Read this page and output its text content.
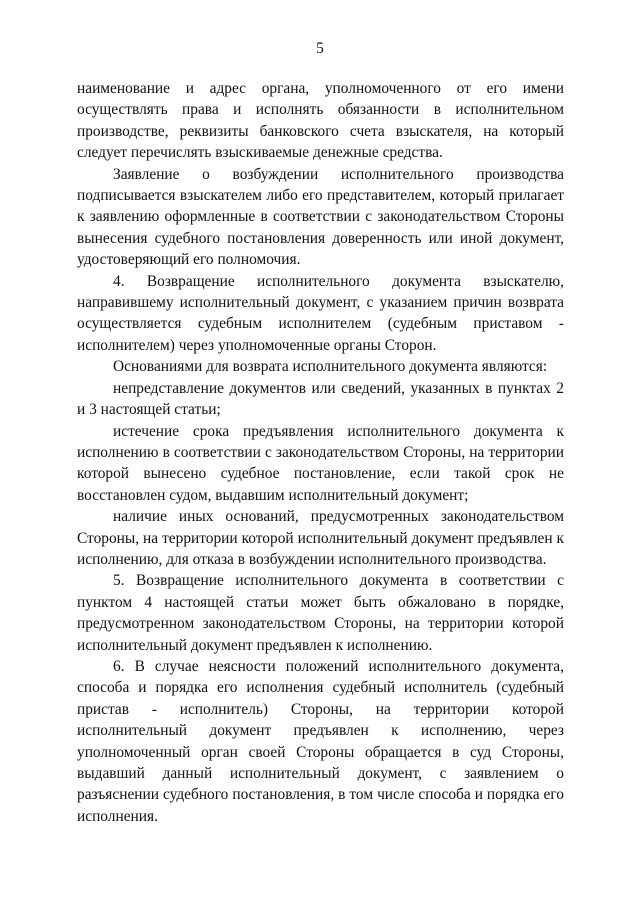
5

наименование и адрес органа, уполномоченного от его имени осуществлять права и исполнять обязанности в исполнительном производстве, реквизиты банковского счета взыскателя, на который следует перечислять взыскиваемые денежные средства.

Заявление о возбуждении исполнительного производства подписывается взыскателем либо его представителем, который прилагает к заявлению оформленные в соответствии с законодательством Стороны вынесения судебного постановления доверенность или иной документ, удостоверяющий его полномочия.

4. Возвращение исполнительного документа взыскателю, направившему исполнительный документ, с указанием причин возврата осуществляется судебным исполнителем (судебным приставом - исполнителем) через уполномоченные органы Сторон.

Основаниями для возврата исполнительного документа являются:

непредставление документов или сведений, указанных в пунктах 2 и 3 настоящей статьи;

истечение срока предъявления исполнительного документа к исполнению в соответствии с законодательством Стороны, на территории которой вынесено судебное постановление, если такой срок не восстановлен судом, выдавшим исполнительный документ;

наличие иных оснований, предусмотренных законодательством Стороны, на территории которой исполнительный документ предъявлен к исполнению, для отказа в возбуждении исполнительного производства.

5. Возвращение исполнительного документа в соответствии с пунктом 4 настоящей статьи может быть обжаловано в порядке, предусмотренном законодательством Стороны, на территории которой исполнительный документ предъявлен к исполнению.

6. В случае неясности положений исполнительного документа, способа и порядка его исполнения судебный исполнитель (судебный пристав - исполнитель) Стороны, на территории которой исполнительный документ предъявлен к исполнению, через уполномоченный орган своей Стороны обращается в суд Стороны, выдавший данный исполнительный документ, с заявлением о разъяснении судебного постановления, в том числе способа и порядка его исполнения.
